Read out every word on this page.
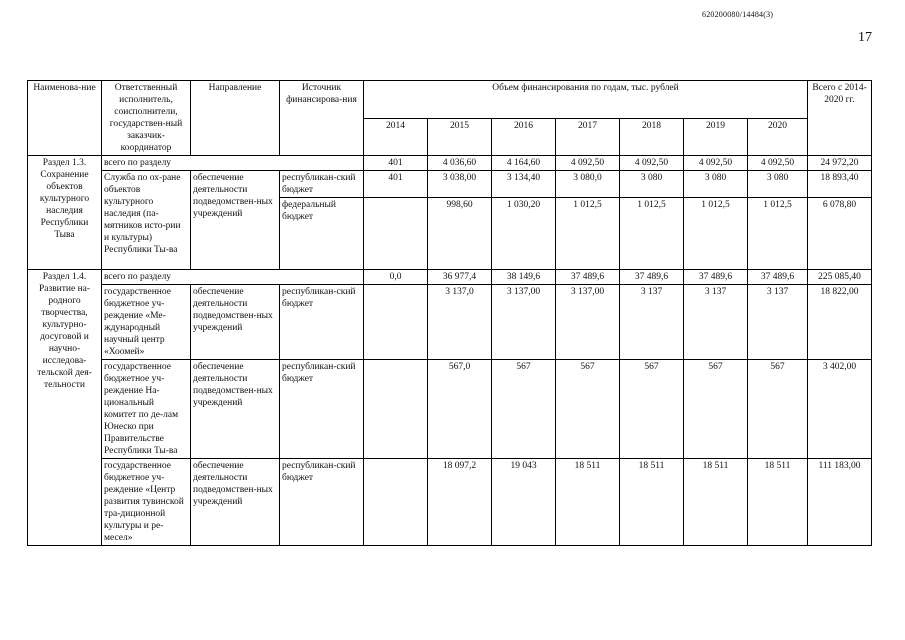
620200080/14484(3)
17
Наименова-ние	Ответственный исполнитель, соисполнители, государствен-ный заказчик-координатор	Направление	Источник финансирова-ния	Объем финансирования по годам, тыс. рублей							Всего с 2014-2020 гг.
				2014	2015	2016	2017	2018	2019	2020	
Раздел 1.3. Сохранение объектов культурного наследия Республики Тыва	всего по разделу			401	4 036,60	4 164,60	4 092,50	4 092,50	4 092,50	4 092,50	24 972,20
	Служба по ох-ране объектов культурного наследия (па-мятников исто-рии и культуры) Республики Ты-ва	обеспечение деятельности подведомствен-ных учреждений	республикан-ский бюджет	401	3 038,00	3 134,40	3 080,0	3 080	3 080	3 080	18 893,40
			федеральный бюджет		998,60	1 030,20	1 012,5	1 012,5	1 012,5	1 012,5	6 078,80
Раздел 1.4. Развитие на-родного творчества, культурно-досуговой и научно-исследова-тельской дея-тельности	всего по разделу			0,0	36 977,4	38 149,6	37 489,6	37 489,6	37 489,6	37 489,6	225 085,40
	государственное бюджетное уч-реждение «Ме-ждународный научный центр «Хоомей»	обеспечение деятельности подведомствен-ных учреждений	республикан-ский бюджет		3 137,0	3 137,00	3 137,00	3 137	3 137	3 137	18 822,00
	государственное бюджетное уч-реждение На-циональный комитет по де-лам Юнеско при Правительстве Республики Ты-ва	обеспечение деятельности подведомствен-ных учреждений	республикан-ский бюджет		567,0	567	567	567	567	567	3 402,00
	государственное бюджетное уч-реждение «Центр развития тувинской тра-диционной культуры и ре-месел»	обеспечение деятельности подведомствен-ных учреждений	республикан-ский бюджет		18 097,2	19 043	18 511	18 511	18 511	18 511	111 183,00
